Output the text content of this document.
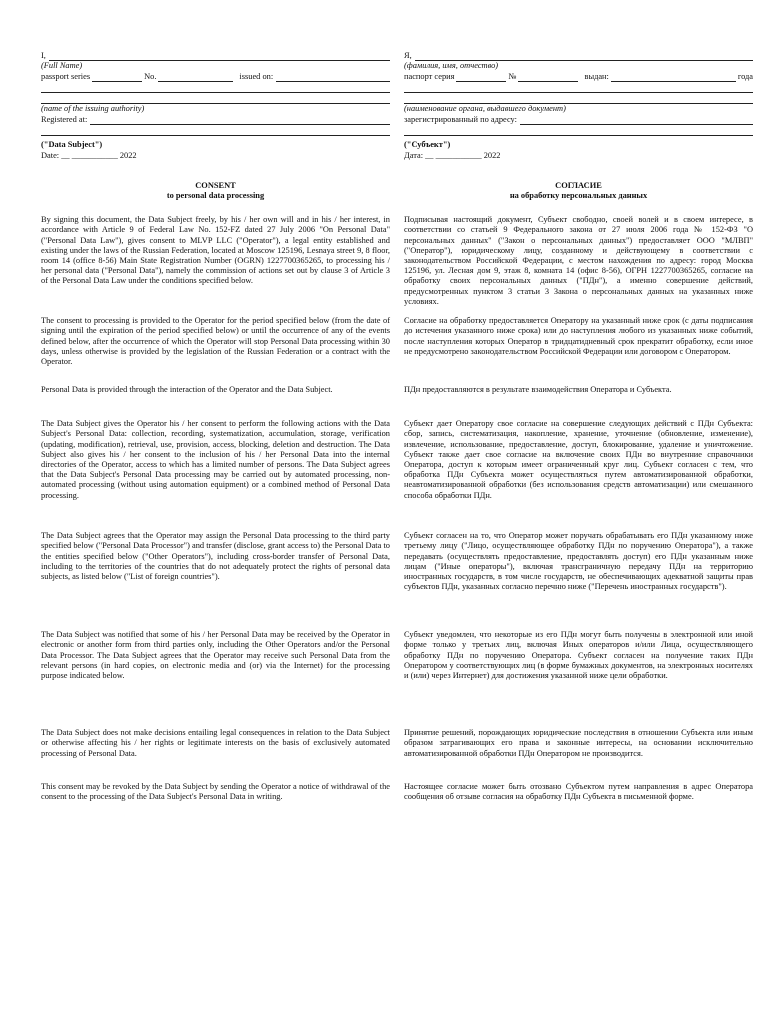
I,
(Full Name)
passport series	No.	issued on:
(name of the issuing authority)
Registered at:
("Data Subject")
Date: __ ___________ 2022
CONSENT
to personal data processing

By signing this document, the Data Subject freely, by his / her own will and in his / her interest, in accordance with Article 9 of Federal Law No. 152-FZ dated 27 July 2006 "On Personal Data" ("Personal Data Law"), gives consent to MLVP LLC ("Operator"), a legal entity established and existing under the laws of the Russian Federation, located at Moscow 125196, Lesnaya street 9, 8 floor, room 14 (office 8-56) Main State Registration Number (OGRN) 1227700365265, to processing his / her personal data ("Personal Data"), namely the commission of actions set out by clause 3 of Article 3 of the Personal Data Law under the conditions specified below.

The consent to processing is provided to the Operator for the period specified below (from the date of signing until the expiration of the period specified below) or until the occurrence of any of the events defined below, after the occurrence of which the Operator will stop Personal Data processing within 30 days, unless otherwise is provided by the legislation of the Russian Federation or a contract with the Operator.

Personal Data is provided through the interaction of the Operator and the Data Subject.

The Data Subject gives the Operator his / her consent to perform the following actions with the Data Subject's Personal Data: collection, recording, systematization, accumulation, storage, verification (updating, modification), retrieval, use, provision, access, blocking, deletion and destruction. The Data Subject also gives his / her consent to the inclusion of his / her Personal Data into the internal directories of the Operator, access to which has a limited number of persons. The Data Subject agrees that the Data Subject's Personal Data processing may be carried out by automated processing, non-automated processing (without using automation equipment) or a combined method of Personal Data processing.

The Data Subject agrees that the Operator may assign the Personal Data processing to the third party specified below ("Personal Data Processor") and transfer (disclose, grant access to) the Personal Data to the entities specified below ("Other Operators"), including cross-border transfer of Personal Data, including to the territories of the countries that do not adequately protect the rights of personal data subjects, as listed below ("List of foreign countries").

The Data Subject was notified that some of his / her Personal Data may be received by the Operator in electronic or another form from third parties only, including the Other Operators and/or the Personal Data Processor. The Data Subject agrees that the Operator may receive such Personal Data from the relevant persons (in hard copies, on electronic media and (or) via the Internet) for the processing purpose indicated below.

The Data Subject does not make decisions entailing legal consequences in relation to the Data Subject or otherwise affecting his / her rights or legitimate interests on the basis of exclusively automated processing of Personal Data.

This consent may be revoked by the Data Subject by sending the Operator a notice of withdrawal of the consent to the processing of the Data Subject's Personal Data in writing.

Я,
(фамилия, имя, отчество)
паспорт серия	№	выдан:	года
(наименование органа, выдавшего документ)
зарегистрированный по адресу:
("Субъект")
Дата: __ ___________ 2022
СОГЛАСИЕ
на обработку персональных данных

Подписывая настоящий документ, Субъект свободно, своей волей и в своем интересе, в соответствии со статьей 9 Федерального закона от 27 июля 2006 года № 152-ФЗ "О персональных данных" ("Закон о персональных данных") предоставляет ООО "МЛВП" ("Оператор"), юридическому лицу, созданному и действующему в соответствии с законодательством Российской Федерации, с местом нахождения по адресу: город Москва 125196, ул. Лесная дом 9, этаж 8, комната 14 (офис 8-56), ОГРН 1227700365265, согласие на обработку своих персональных данных ("ПДн"), а именно совершение действий, предусмотренных пунктом 3 статьи 3 Закона о персональных данных на указанных ниже условиях.

Согласие на обработку предоставляется Оператору на указанный ниже срок (с даты подписания до истечения указанного ниже срока) или до наступления любого из указанных ниже событий, после наступления которых Оператор в тридцатидневный срок прекратит обработку, если иное не предусмотрено законодательством Российской Федерации или договором с Оператором.

ПДн предоставляются в результате взаимодействия Оператора и Субъекта.

Субъект дает Оператору свое согласие на совершение следующих действий с ПДн Субъекта: сбор, запись, систематизация, накопление, хранение, уточнение (обновление, изменение), извлечение, использование, предоставление, доступ, блокирование, удаление и уничтожение. Субъект также дает свое согласие на включение своих ПДн во внутренние справочники Оператора, доступ к которым имеет ограниченный круг лиц. Субъект согласен с тем, что обработка ПДн Субъекта может осуществляться путем автоматизированной обработки, неавтоматизированной обработки (без использования средств автоматизации) или смешанного способа обработки ПДн.

Субъект согласен на то, что Оператор может поручать обрабатывать его ПДн указанному ниже третьему лицу ("Лицо, осуществляющее обработку ПДн по поручению Оператора"), а также передавать (осуществлять предоставление, предоставлять доступ) его ПДн указанным ниже лицам ("Иные операторы"), включая трансграничную передачу ПДн на территорию иностранных государств, в том числе государств, не обеспечивающих адекватной защиты прав субъектов ПДн, указанных согласно перечню ниже ("Перечень иностранных государств").

Субъект уведомлен, что некоторые из его ПДн могут быть получены в электронной или иной форме только у третьих лиц, включая Иных операторов и/или Лица, осуществляющего обработку ПДн по поручению Оператора. Субъект согласен на получение таких ПДн Оператором у соответствующих лиц (в форме бумажных документов, на электронных носителях и (или) через Интернет) для достижения указанной ниже цели обработки.

Принятие решений, порождающих юридические последствия в отношении Субъекта или иным образом затрагивающих его права и законные интересы, на основании исключительно автоматизированной обработки ПДн Оператором не производится.

Настоящее согласие может быть отозвано Субъектом путем направления в адрес Оператора сообщения об отзыве согласия на обработку ПДн Субъекта в письменной форме.
